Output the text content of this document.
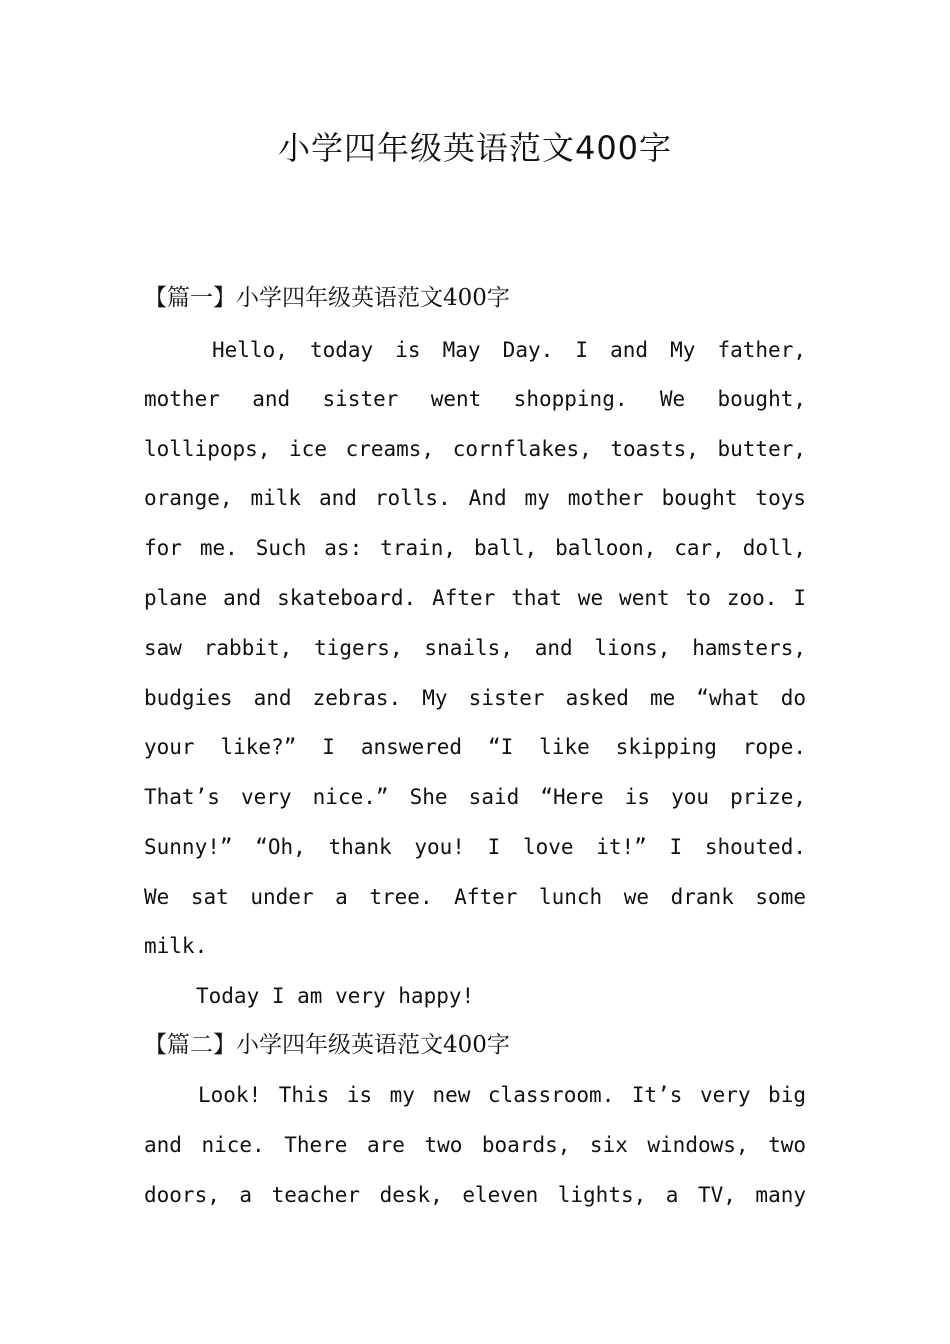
小学四年级英语范文400字
【篇一】小学四年级英语范文400字
Hello, today is May Day. I and My father,
mother and sister went shopping. We bought,
lollipops, ice creams, cornflakes, toasts, butter,
orange, milk and rolls. And my mother bought toys
for me. Such as: train, ball, balloon, car, doll,
plane and skateboard. After that we went to zoo. I
saw rabbit, tigers, snails, and lions, hamsters,
budgies and zebras. My sister asked me “what do
your like?” I answered “I like skipping rope.
That’s very nice.” She said “Here is you prize,
Sunny!” “Oh, thank you! I love it!” I shouted.
We sat under a tree. After lunch we drank some
milk.
Today I am very happy!
【篇二】小学四年级英语范文400字
Look! This is my new classroom. It’s very big
and nice. There are two boards, six windows, two
doors, a teacher desk, eleven lights, a TV, many
